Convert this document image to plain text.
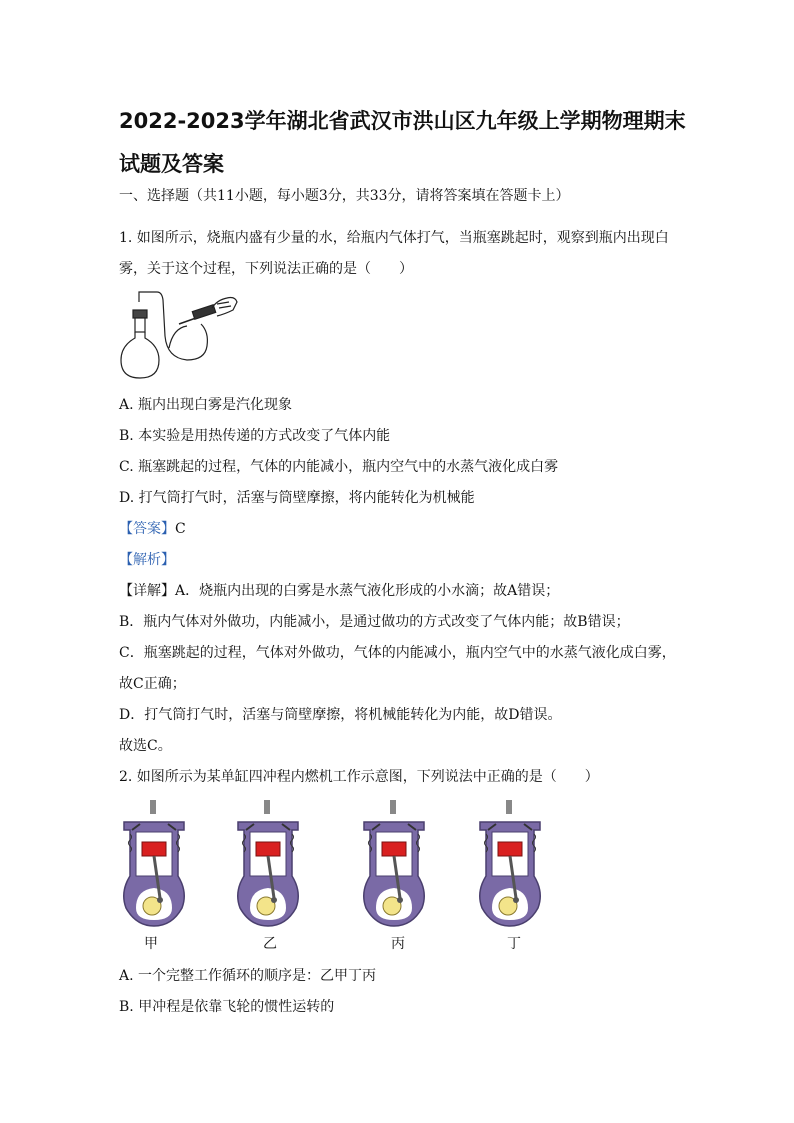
2022-2023学年湖北省武汉市洪山区九年级上学期物理期末试题及答案
一、选择题（共11小题，每小题3分，共33分，请将答案填在答题卡上）
1. 如图所示，烧瓶内盛有少量的水，给瓶内气体打气，当瓶塞跳起时，观察到瓶内出现白
雾，关于这个过程，下列说法正确的是（　　）
A. 瓶内出现白雾是汽化现象
B. 本实验是用热传递的方式改变了气体内能
C. 瓶塞跳起的过程，气体的内能减小，瓶内空气中的水蒸气液化成白雾
D. 打气筒打气时，活塞与筒壁摩擦，将内能转化为机械能
【答案】C
【解析】
【详解】A．烧瓶内出现的白雾是水蒸气液化形成的小水滴；故A错误；
B．瓶内气体对外做功，内能减小，是通过做功的方式改变了气体内能；故B错误；
C．瓶塞跳起的过程，气体对外做功，气体的内能减小，瓶内空气中的水蒸气液化成白雾，
故C正确；
D．打气筒打气时，活塞与筒壁摩擦，将机械能转化为内能，故D错误。
故选C。
2. 如图所示为某单缸四冲程内燃机工作示意图，下列说法中正确的是（　　）
甲	乙	丙	丁
A. 一个完整工作循环的顺序是：乙甲丁丙
B. 甲冲程是依靠飞轮的惯性运转的
